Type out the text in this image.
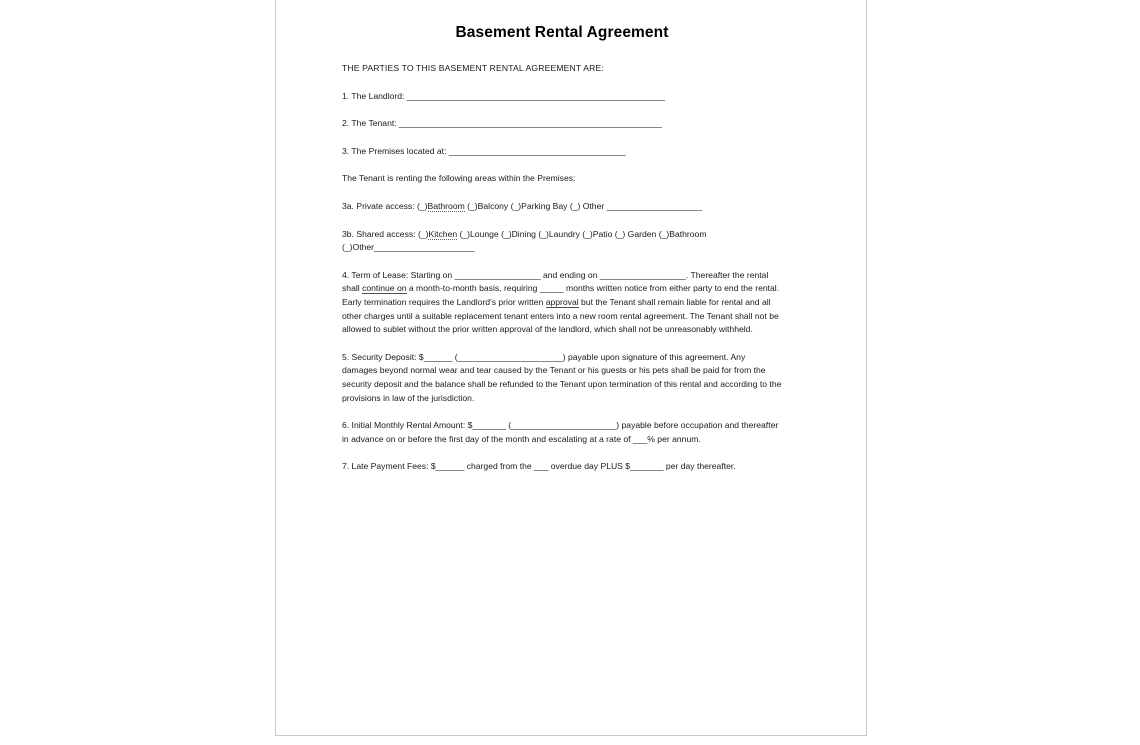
Basement Rental Agreement

THE PARTIES TO THIS BASEMENT RENTAL AGREEMENT ARE:

1. The Landlord: ______________________________________________________

2. The Tenant: _______________________________________________________

3. The Premises located at: _____________________________________

The Tenant is renting the following areas within the Premises:

3a. Private access: (_)Bathroom (_)Balcony (_)Parking Bay (_) Other ____________________

3b. Shared access: (_)Kitchen (_)Lounge (_)Dining (_)Laundry (_)Patio (_) Garden (_)Bathroom (_)Other_____________________

4. Term of Lease: Starting on __________________ and ending on __________________. Thereafter the rental shall continue on a month-to-month basis, requiring _____ months written notice from either party to end the rental. Early termination requires the Landlord's prior written approval but the Tenant shall remain liable for rental and all other charges until a suitable replacement tenant enters into a new room rental agreement. The Tenant shall not be allowed to sublet without the prior written approval of the landlord, which shall not be unreasonably withheld.

5. Security Deposit: $______ (______________________) payable upon signature of this agreement. Any damages beyond normal wear and tear caused by the Tenant or his guests or his pets shall be paid for from the security deposit and the balance shall be refunded to the Tenant upon termination of this rental and according to the provisions in law of the jurisdiction.

6. Initial Monthly Rental Amount: $_______ (______________________) payable before occupation and thereafter in advance on or before the first day of the month and escalating at a rate of ___% per annum.

7. Late Payment Fees: $______ charged from the ___ overdue day PLUS $_______ per day thereafter.
